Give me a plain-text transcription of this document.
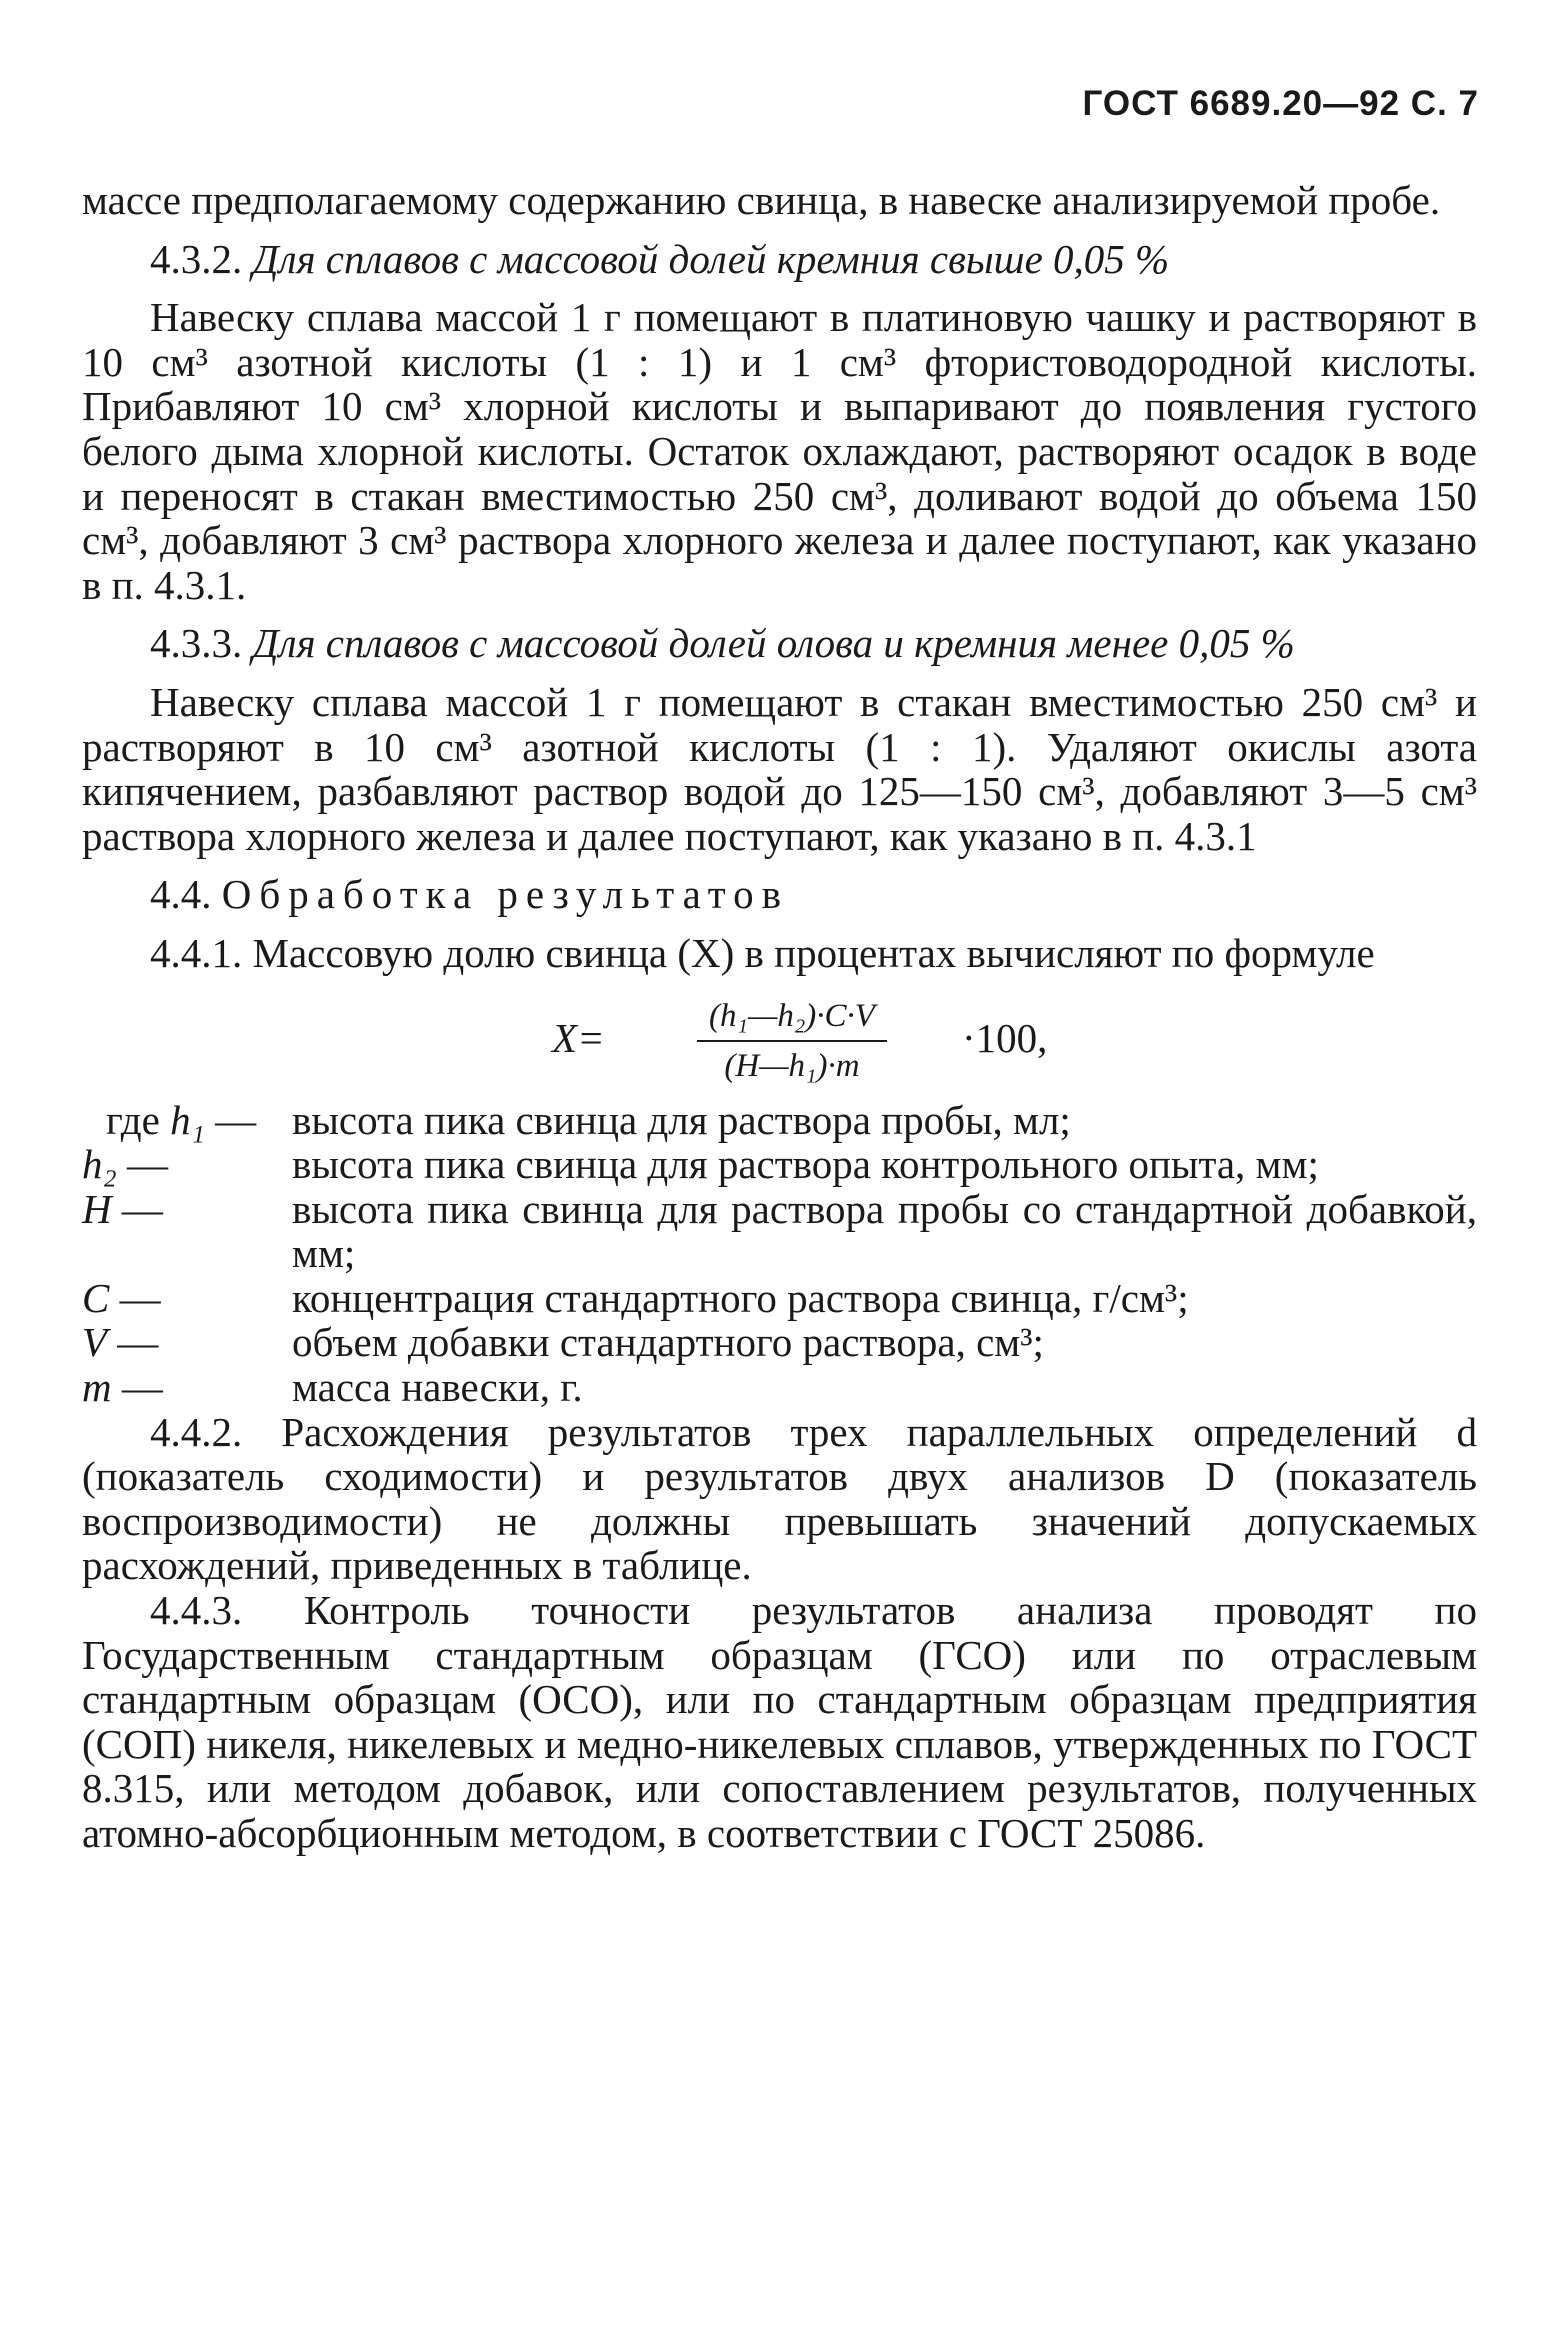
ГОСТ 6689.20—92 С. 7

массе предполагаемому содержанию свинца, в навеске анализируемой пробе.

4.3.2. Для сплавов с массовой долей кремния свыше 0,05 %

Навеску сплава массой 1 г помещают в платиновую чашку и растворяют в 10 см³ азотной кислоты (1 : 1) и 1 см³ фтористоводородной кислоты. Прибавляют 10 см³ хлорной кислоты и выпаривают до появления густого белого дыма хлорной кислоты. Остаток охлаждают, растворяют осадок в воде и переносят в стакан вместимостью 250 см³, доливают водой до объема 150 см³, добавляют 3 см³ раствора хлорного железа и далее поступают, как указано в п. 4.3.1.

4.3.3. Для сплавов с массовой долей олова и кремния менее 0,05 %

Навеску сплава массой 1 г помещают в стакан вместимостью 250 см³ и растворяют в 10 см³ азотной кислоты (1 : 1). Удаляют окислы азота кипячением, разбавляют раствор водой до 125—150 см³, добавляют 3—5 см³ раствора хлорного железа и далее поступают, как указано в п. 4.3.1

4.4. Обработка результатов

4.4.1. Массовую долю свинца (X) в процентах вычисляют по формуле

$X= \frac{\text{(h₁—h₂)·C·V}}{\text{(H—h₁)·m}} \cdot 100$,
где h₁ — высота пика свинца для раствора пробы, мл;
h₂ —	высота пика свинца для раствора контрольного опыта, мм;
H —	высота пика свинца для раствора пробы со стандартной добавкой, мм;
C —	концентрация стандартного раствора свинца, г/см³;
V —	объем добавки стандартного раствора, см³;
m —	масса навески, г.

4.4.2. Расхождения результатов трех параллельных определений d (показатель сходимости) и результатов двух анализов D (показатель воспроизводимости) не должны превышать значений допускаемых расхождений, приведенных в таблице.

4.4.3. Контроль точности результатов анализа проводят по Государственным стандартным образцам (ГСО) или по отраслевым стандартным образцам (ОСО), или по стандартным образцам предприятия (СОП) никеля, никелевых и медно-никелевых сплавов, утвержденных по ГОСТ 8.315, или методом добавок, или сопоставлением результатов, полученных атомно-абсорбционным методом, в соответствии с ГОСТ 25086.
